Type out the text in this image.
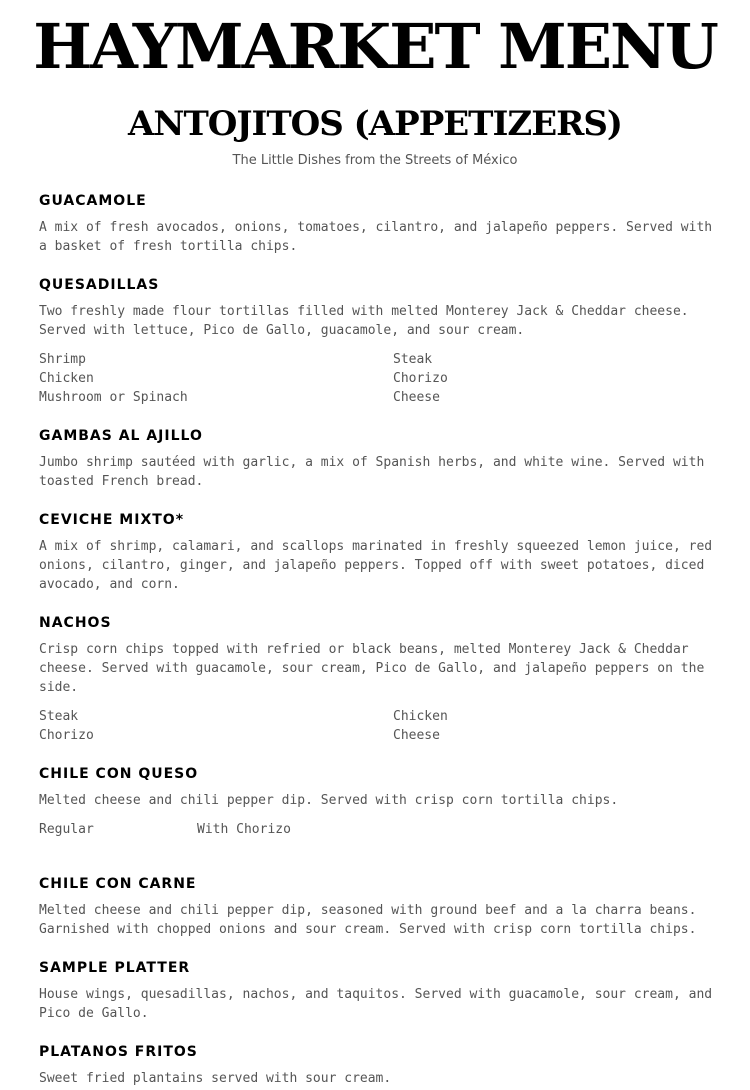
HAYMARKET MENU
ANTOJITOS (APPETIZERS)

The Little Dishes from the Streets of México

GUACAMOLE

A mix of fresh avocados, onions, tomatoes, cilantro, and jalapeño peppers. Served with a basket of fresh tortilla chips.

QUESADILLAS

Two freshly made flour tortillas filled with melted Monterey Jack & Cheddar cheese. Served with lettuce, Pico de Gallo, guacamole, and sour cream.

Shrimp	Steak
Chicken	Chorizo
Mushroom or Spinach	Cheese
GAMBAS AL AJILLO

Jumbo shrimp sautéed with garlic, a mix of Spanish herbs, and white wine. Served with toasted French bread.

CEVICHE MIXTO*

A mix of shrimp, calamari, and scallops marinated in freshly squeezed lemon juice, red onions, cilantro, ginger, and jalapeño peppers. Topped off with sweet potatoes, diced avocado, and corn.

NACHOS

Crisp corn chips topped with refried or black beans, melted Monterey Jack & Cheddar cheese. Served with guacamole, sour cream, Pico de Gallo, and jalapeño peppers on the side.

Steak	Chicken
Chorizo	Cheese
CHILE CON QUESO

Melted cheese and chili pepper dip. Served with crisp corn tortilla chips.

Regular	With Chorizo
CHILE CON CARNE

Melted cheese and chili pepper dip, seasoned with ground beef and a la charra beans. Garnished with chopped onions and sour cream. Served with crisp corn tortilla chips.

SAMPLE PLATTER

House wings, quesadillas, nachos, and taquitos. Served with guacamole, sour cream, and Pico de Gallo.

PLATANOS FRITOS

Sweet fried plantains served with sour cream.
